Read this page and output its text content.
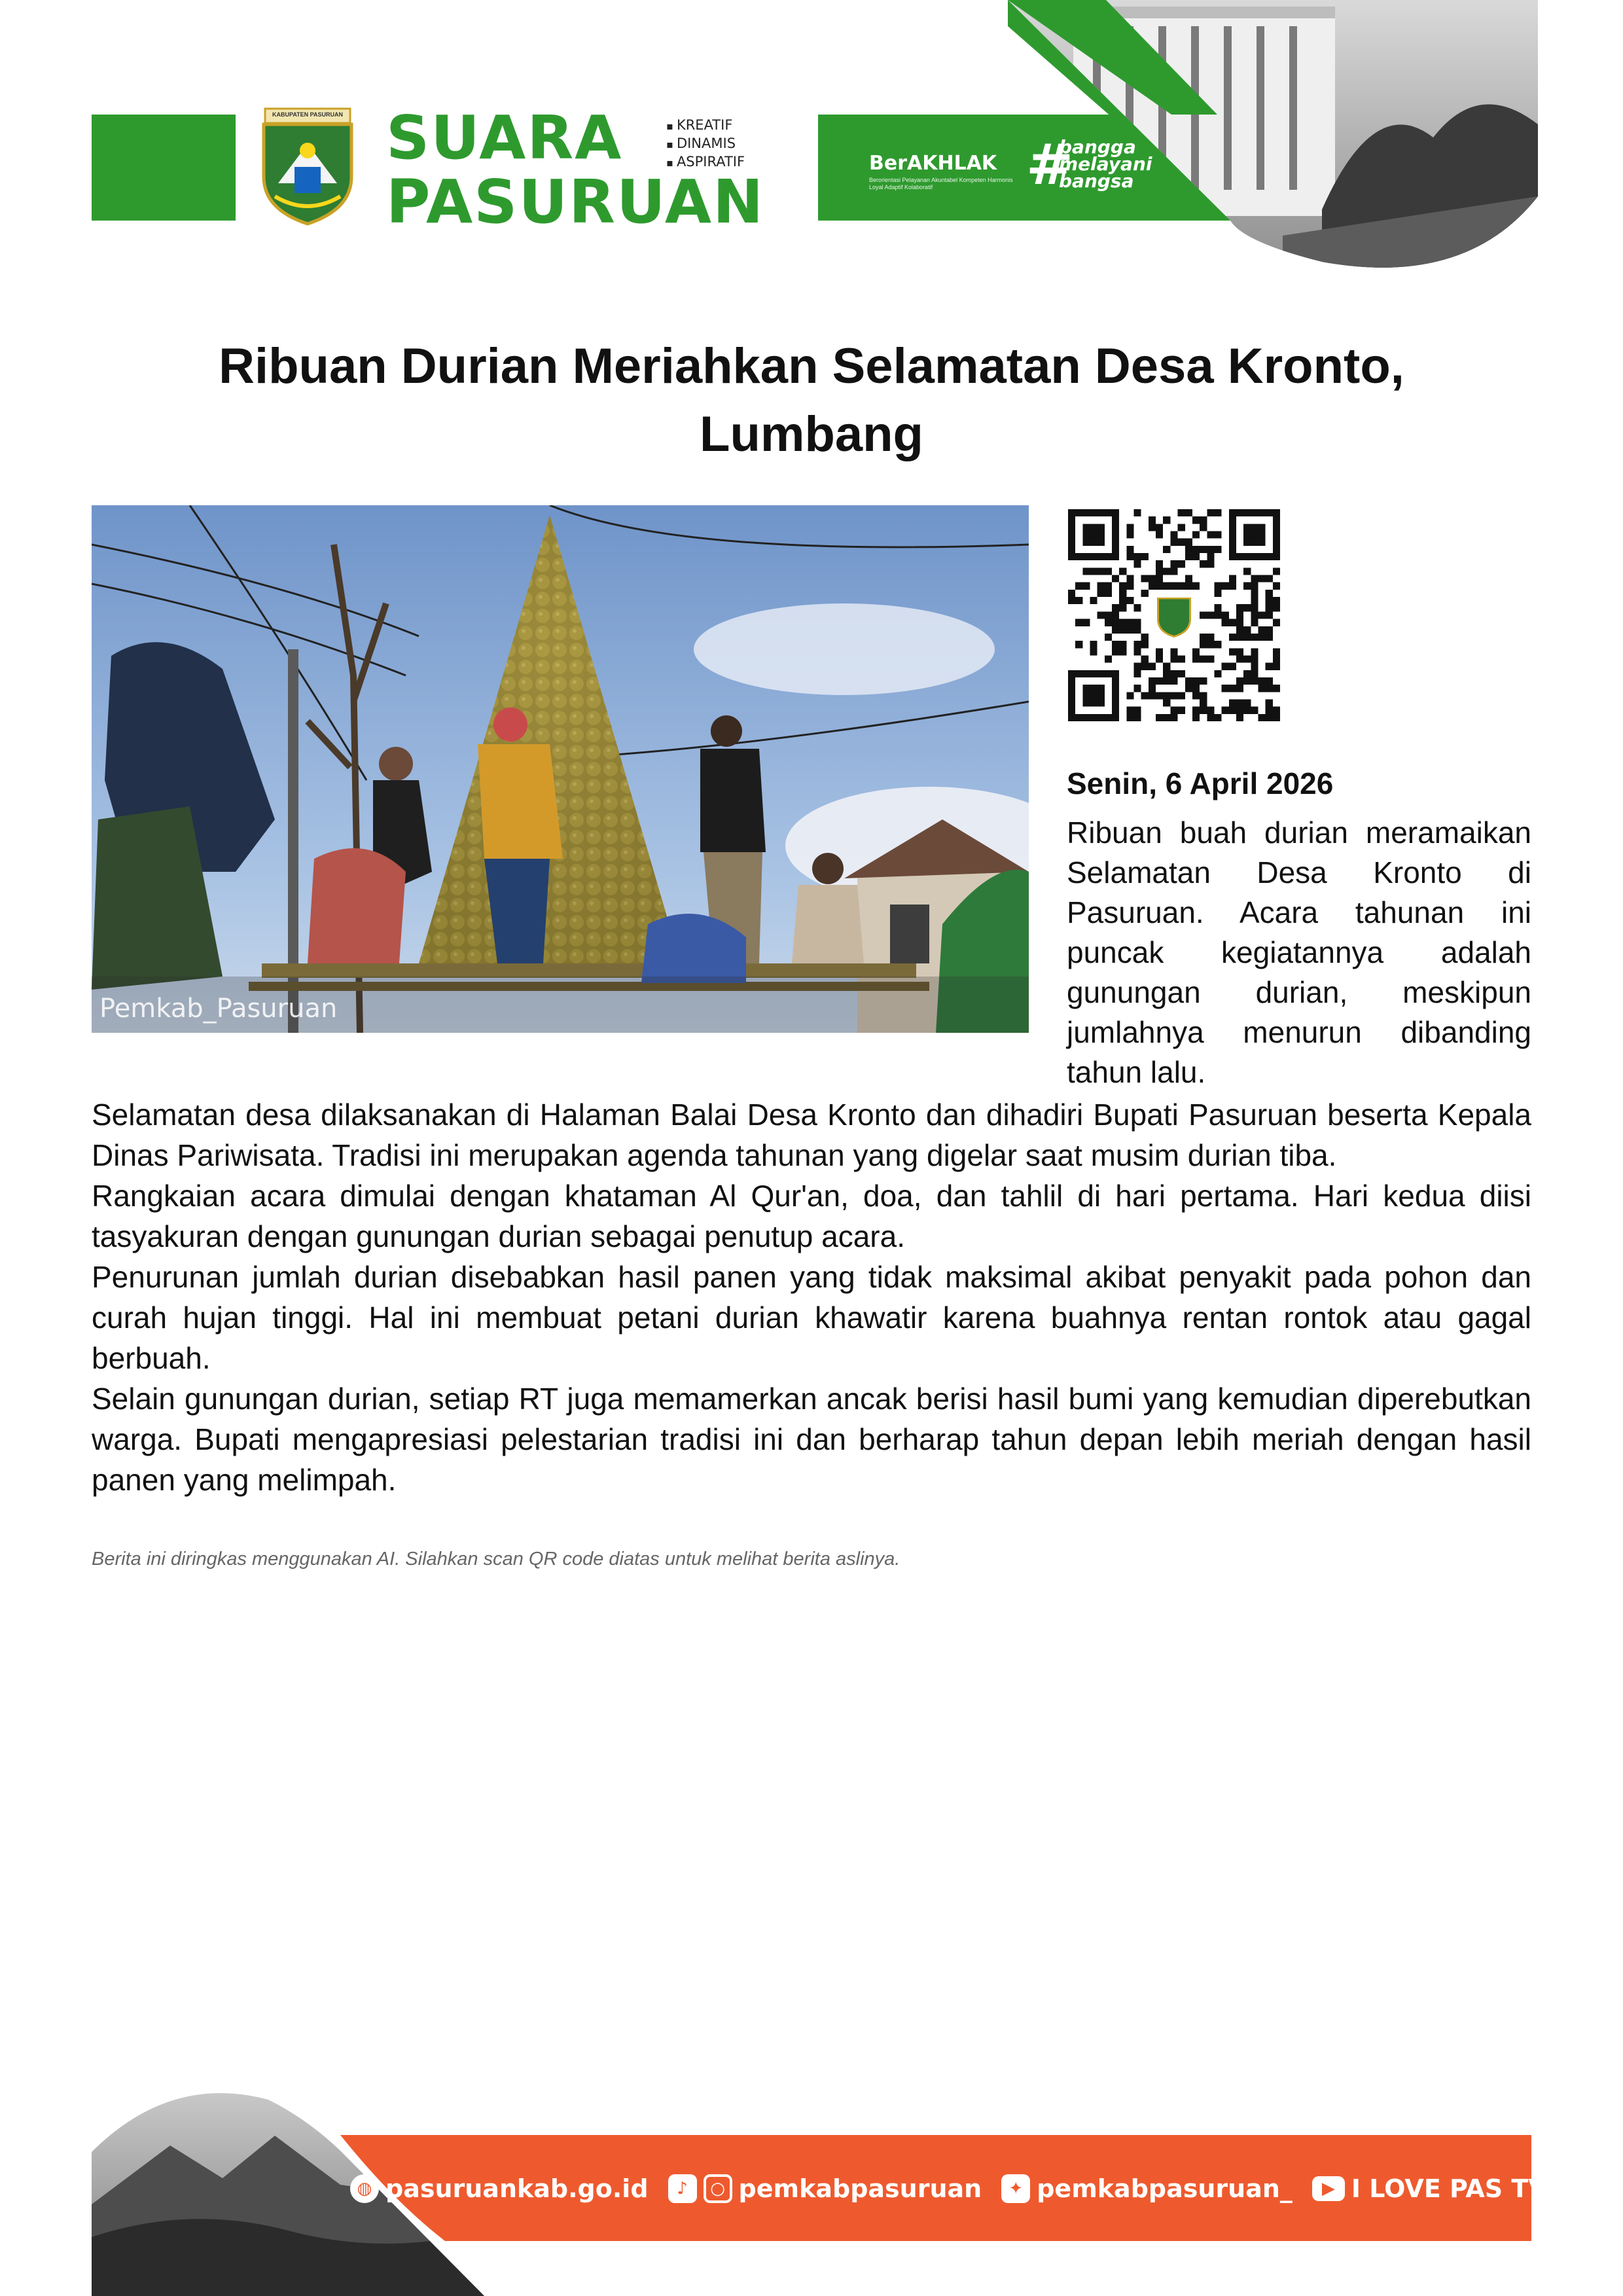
KABUPATEN PASURUAN SUARA
PASURUAN
▪ KREATIF
▪ DINAMIS
▪ ASPIRATIF	BerAKHLAK
Berorientasi Pelayanan Akuntabel Kompeten Harmonis Loyal Adaptif Kolaboratif	#
bangga
melayani
bangsa
Ribuan Durian Meriahkan Selamatan Desa Kronto, Lumbang
Pemkab_Pasuruan
Senin, 6 April 2026

Ribuan buah durian meramaikan Selamatan Desa Kronto di Pasuruan. Acara tahunan ini puncak kegiatannya adalah gunungan durian, meskipun jumlahnya menurun dibanding tahun lalu.

Selamatan desa dilaksanakan di Halaman Balai Desa Kronto dan dihadiri Bupati Pasuruan beserta Kepala Dinas Pariwisata. Tradisi ini merupakan agenda tahunan yang digelar saat musim durian tiba.

Rangkaian acara dimulai dengan khataman Al Qur'an, doa, dan tahlil di hari pertama. Hari kedua diisi tasyakuran dengan gunungan durian sebagai penutup acara.

Penurunan jumlah durian disebabkan hasil panen yang tidak maksimal akibat penyakit pada pohon dan curah hujan tinggi. Hal ini membuat petani durian khawatir karena buahnya rentan rontok atau gagal berbuah.

Selain gunungan durian, setiap RT juga memamerkan ancak berisi hasil bumi yang kemudian diperebutkan warga. Bupati mengapresiasi pelestarian tradisi ini dan berharap tahun depan lebih meriah dengan hasil panen yang melimpah.

Berita ini diringkas menggunakan AI. Silahkan scan QR code diatas untuk melihat berita aslinya.
◍ pasuruankab.go.id	♪	○ pemkabpasuruan	✦ pemkabpasuruan_	▶ I LOVE PAS TV
